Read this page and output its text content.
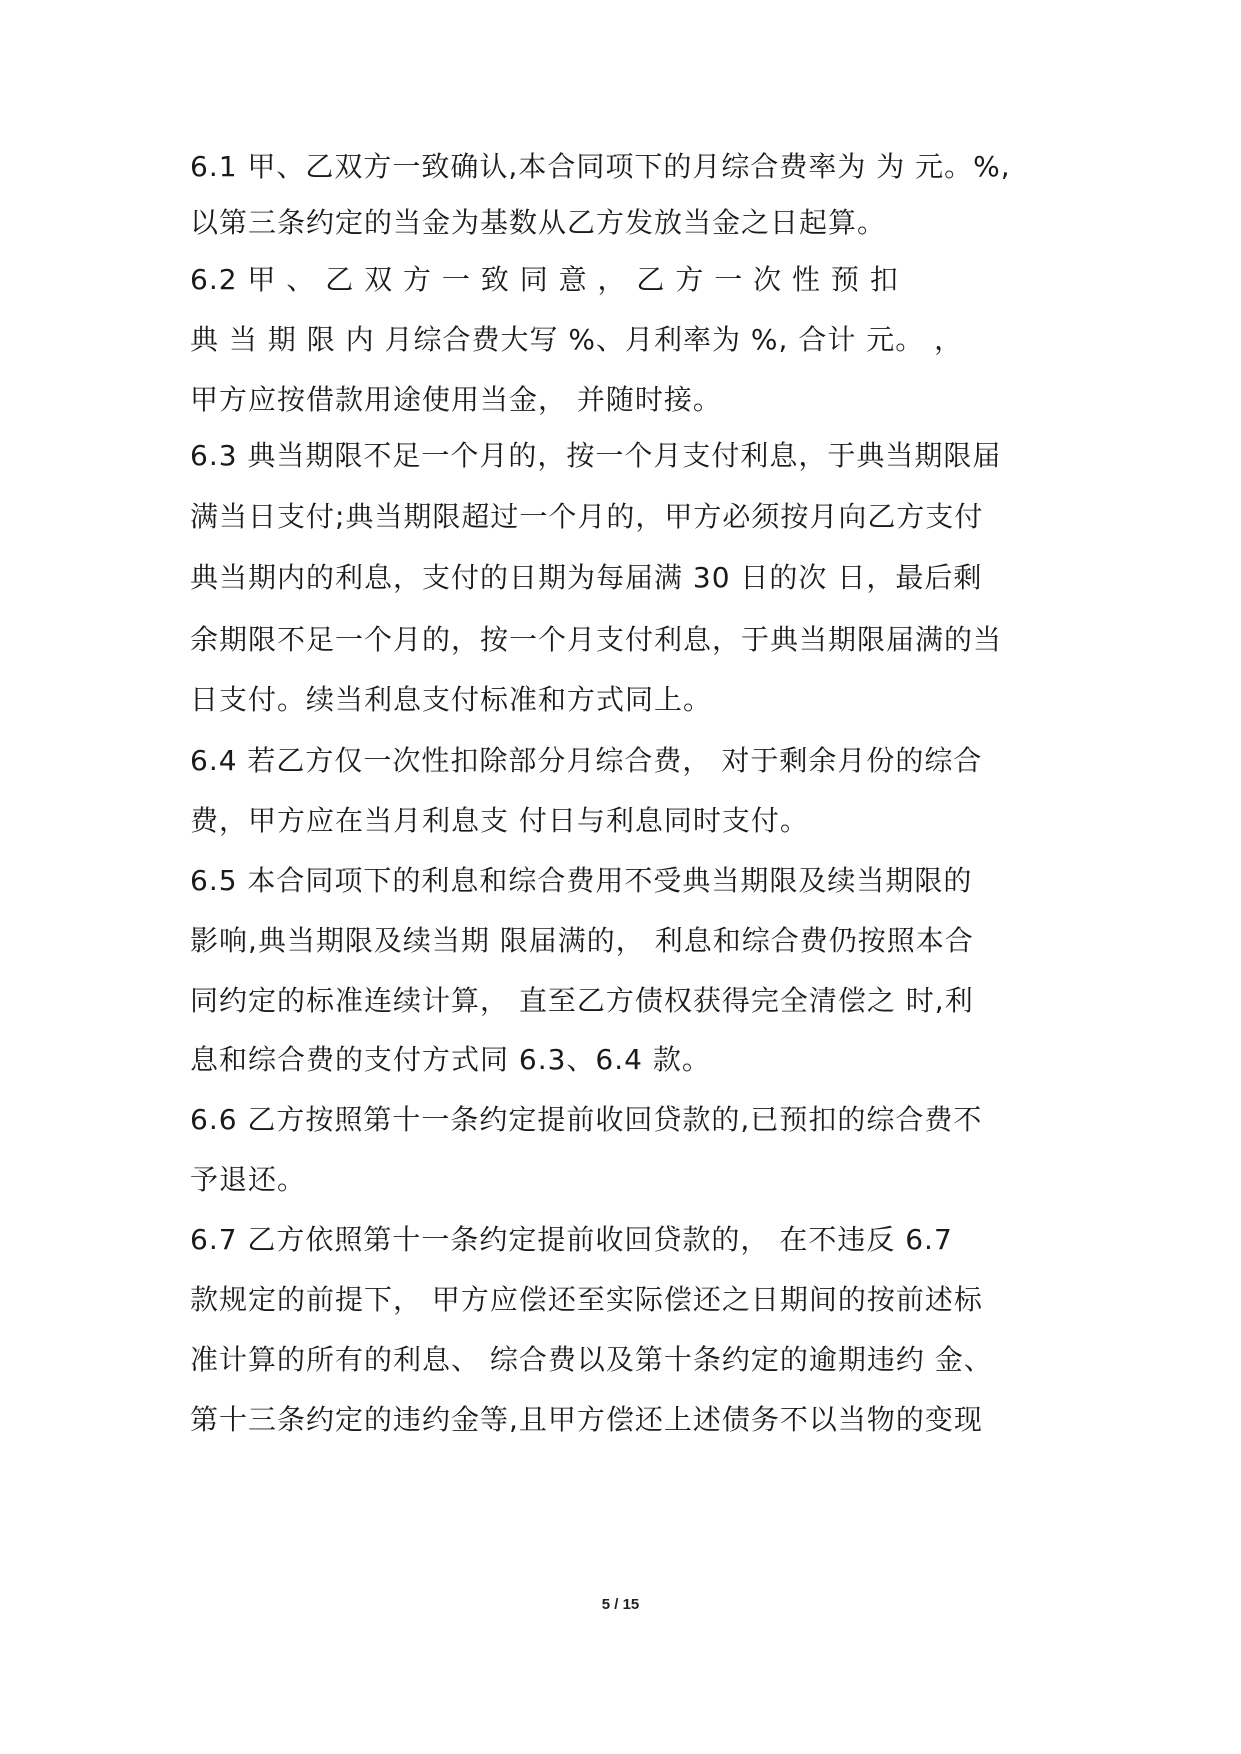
6.1 甲、乙双方一致确认,本合同项下的月综合费率为 为 元。%,
以第三条约定的当金为基数从乙方发放当金之日起算。
6.2 甲 、 乙 双 方 一 致 同 意 ， 乙 方 一 次 性 预 扣
典 当 期 限 内 月综合费大写 %、月利率为 %, 合计 元。 ，
甲方应按借款用途使用当金， 并随时接。
6.3 典当期限不足一个月的，按一个月支付利息，于典当期限届
满当日支付;典当期限超过一个月的，甲方必须按月向乙方支付
典当期内的利息，支付的日期为每届满 30 日的次 日，最后剩
余期限不足一个月的，按一个月支付利息，于典当期限届满的当
日支付。续当利息支付标准和方式同上。
6.4 若乙方仅一次性扣除部分月综合费， 对于剩余月份的综合
费，甲方应在当月利息支 付日与利息同时支付。
6.5 本合同项下的利息和综合费用不受典当期限及续当期限的
影响,典当期限及续当期 限届满的， 利息和综合费仍按照本合
同约定的标准连续计算， 直至乙方债权获得完全清偿之 时,利
息和综合费的支付方式同 6.3、6.4 款。
6.6 乙方按照第十一条约定提前收回贷款的,已预扣的综合费不
予退还。
6.7 乙方依照第十一条约定提前收回贷款的， 在不违反 6.7
款规定的前提下， 甲方应偿还至实际偿还之日期间的按前述标
准计算的所有的利息、 综合费以及第十条约定的逾期违约 金、
第十三条约定的违约金等,且甲方偿还上述债务不以当物的变现
5 / 15
